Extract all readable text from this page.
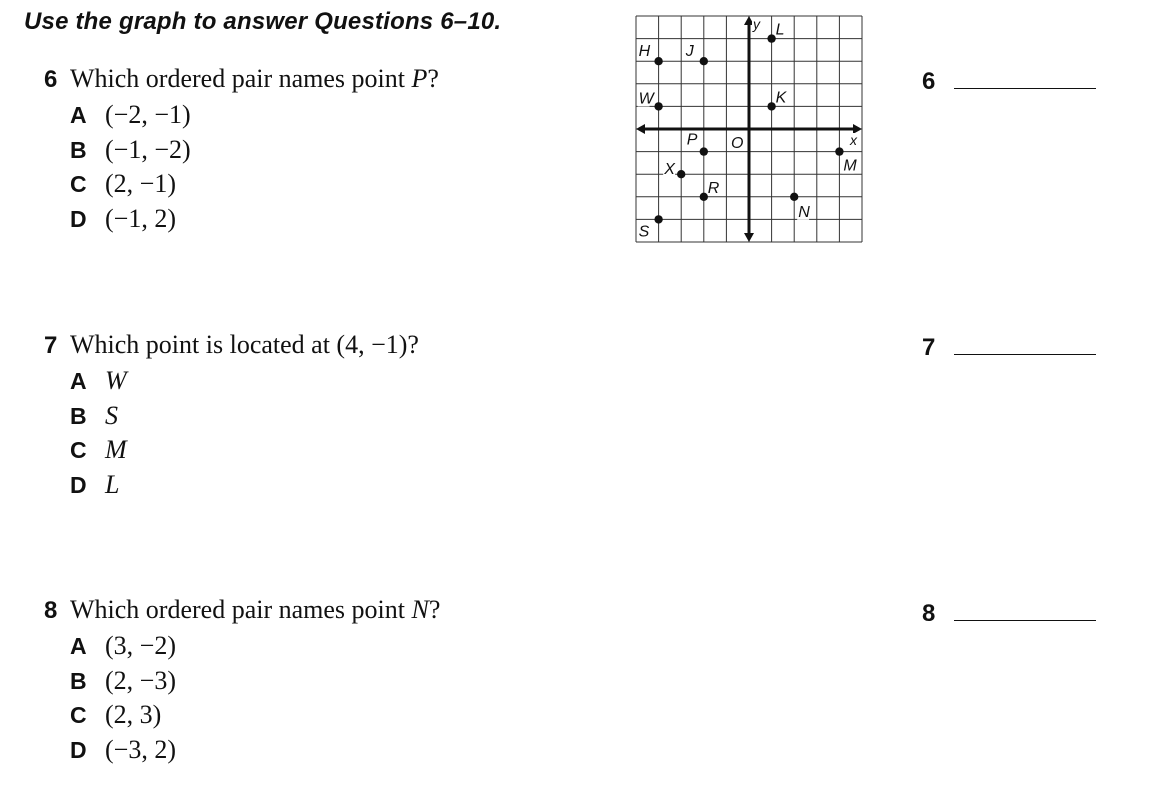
Use the graph to answer Questions 6–10.
6 Which ordered pair names point P?
A (−2, −1)
B (−1, −2)
C (2, −1)
D (−1, 2)
6
7 Which point is located at (4, −1)?
A W
B S
C M
D L
7
8 Which ordered pair names point N?
A (3, −2)
B (2, −3)
C (2, 3)
D (−3, 2)
8
y
x
O
H J
L
W	K
P
X
R
N
M
S
